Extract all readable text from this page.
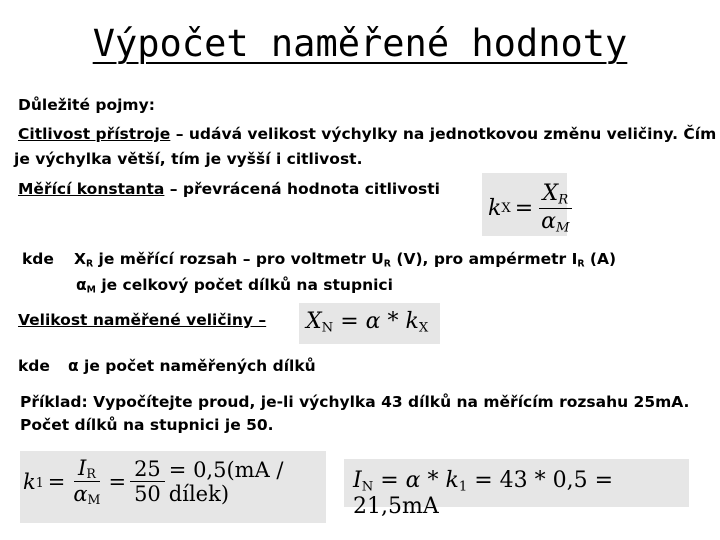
Výpočet naměřené hodnoty
Důležité pojmy:
Citlivost přístroje – udává velikost výchylky na jednotkovou změnu veličiny. Čím
je výchylka větší, tím je vyšší i citlivost.
Měřící konstanta – převrácená hodnota citlivosti
k $X = \frac{X_R}{\alpha_M}$
kde $X_R$ je měřící rozsah – pro voltmetr $U_R$ (V), pro ampérmetr $I_R$ (A)
$\alpha_M$ je celkový počet dílků na stupnici
Velikost naměřené veličiny – $X_N = \alpha * k_X$
kde α je počet naměřených dílků
Příklad: Vypočítejte proud, je-li výchylka 43 dílků na měřícím rozsahu 25mA.
Počet dílků na stupnici je 50.
k $1 = \frac{I_R}{\alpha_M} = \frac{25}{50} = 0,5(mA$ / dílek)
$I_N = \alpha * k_1 = 43 * 0,5 = 21,5mA$
